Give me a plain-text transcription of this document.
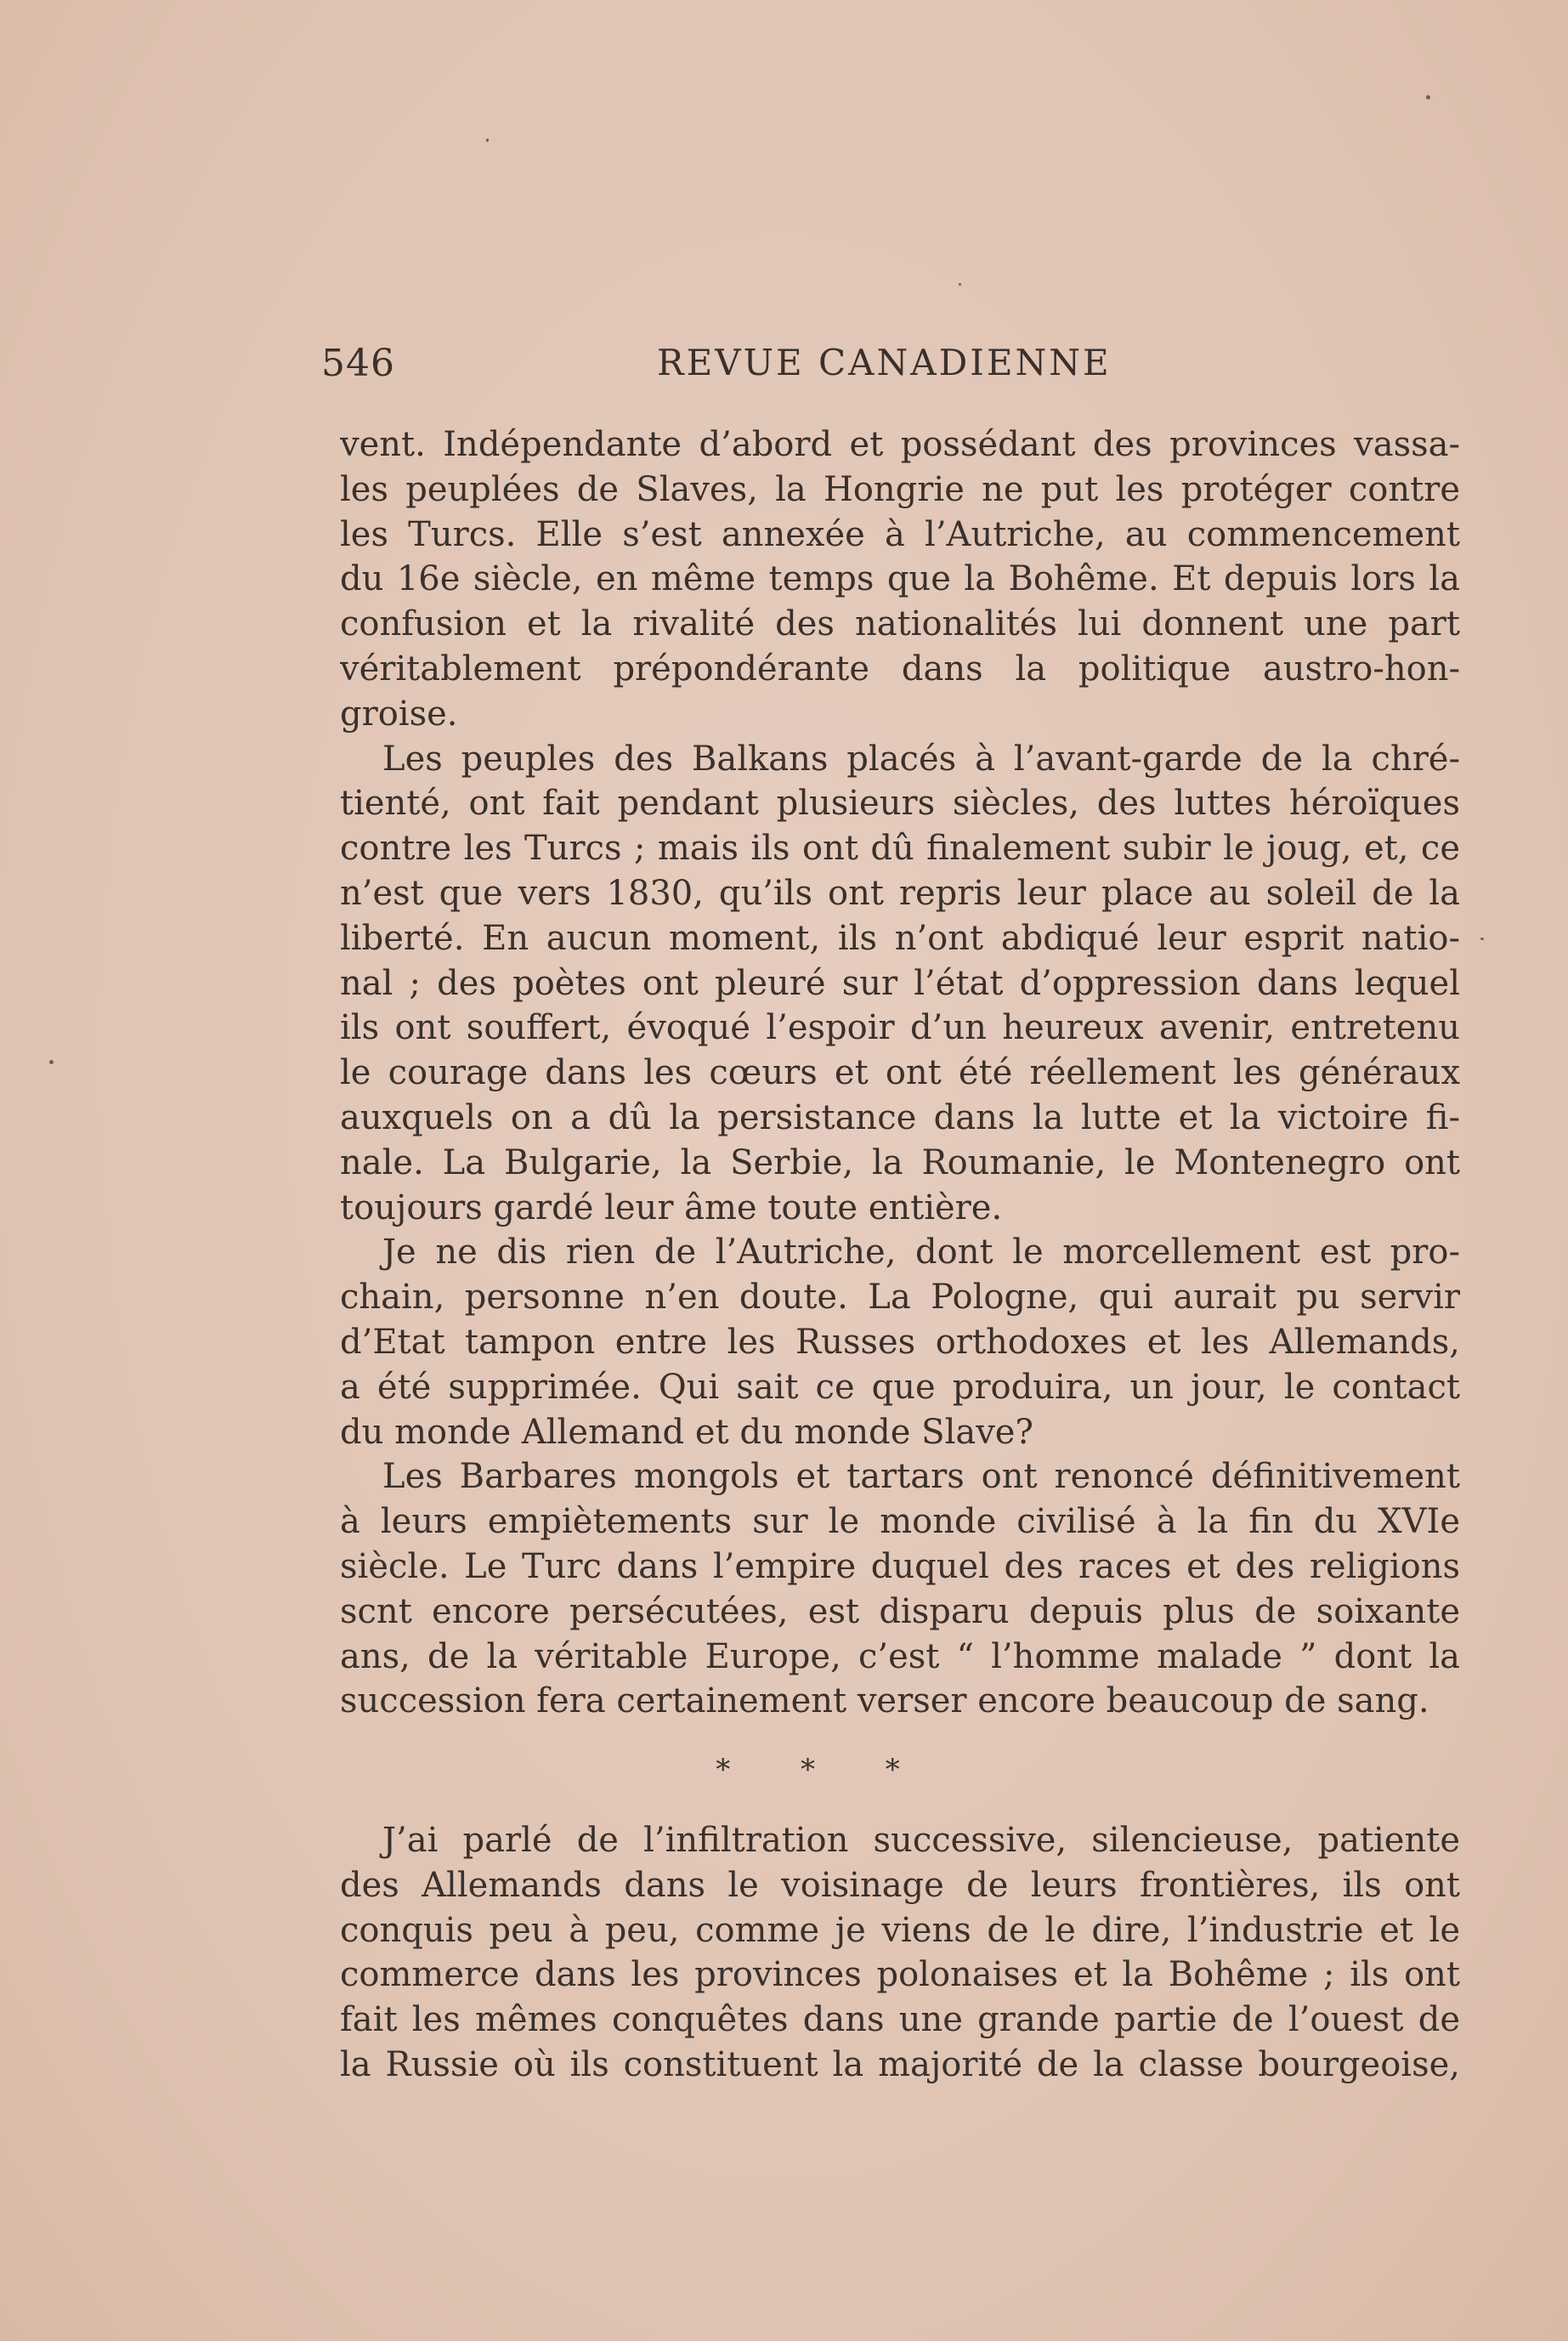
546	REVUE CANADIENNE
vent. Indépendante d’abord et possédant des provinces vassa-
les peuplées de Slaves, la Hongrie ne put les protéger contre
les Turcs. Elle s’est annexée à l’Autriche, au commencement
du 16e siècle, en même temps que la Bohême. Et depuis lors la
confusion et la rivalité des nationalités lui donnent une part
véritablement prépondérante dans la politique austro-hon-
groise.
Les peuples des Balkans placés à l’avant-garde de la chré-
tienté, ont fait pendant plusieurs siècles, des luttes héroïques
contre les Turcs ; mais ils ont dû finalement subir le joug, et, ce
n’est que vers 1830, qu’ils ont repris leur place au soleil de la
liberté. En aucun moment, ils n’ont abdiqué leur esprit natio-
nal ; des poètes ont pleuré sur l’état d’oppression dans lequel
ils ont souffert, évoqué l’espoir d’un heureux avenir, entretenu
le courage dans les cœurs et ont été réellement les généraux
auxquels on a dû la persistance dans la lutte et la victoire fi-
nale. La Bulgarie, la Serbie, la Roumanie, le Montenegro ont
toujours gardé leur âme toute entière.
Je ne dis rien de l’Autriche, dont le morcellement est pro-
chain, personne n’en doute. La Pologne, qui aurait pu servir
d’Etat tampon entre les Russes orthodoxes et les Allemands,
a été supprimée. Qui sait ce que produira, un jour, le contact
du monde Allemand et du monde Slave?
Les Barbares mongols et tartars ont renoncé définitivement
à leurs empiètements sur le monde civilisé à la fin du XVIe
siècle. Le Turc dans l’empire duquel des races et des religions
scnt encore persécutées, est disparu depuis plus de soixante
ans, de la véritable Europe, c’est “ l’homme malade ” dont la
succession fera certainement verser encore beaucoup de sang.
* * *
J’ai parlé de l’infiltration successive, silencieuse, patiente
des Allemands dans le voisinage de leurs frontières, ils ont
conquis peu à peu, comme je viens de le dire, l’industrie et le
commerce dans les provinces polonaises et la Bohême ; ils ont
fait les mêmes conquêtes dans une grande partie de l’ouest de
la Russie où ils constituent la majorité de la classe bourgeoise,
